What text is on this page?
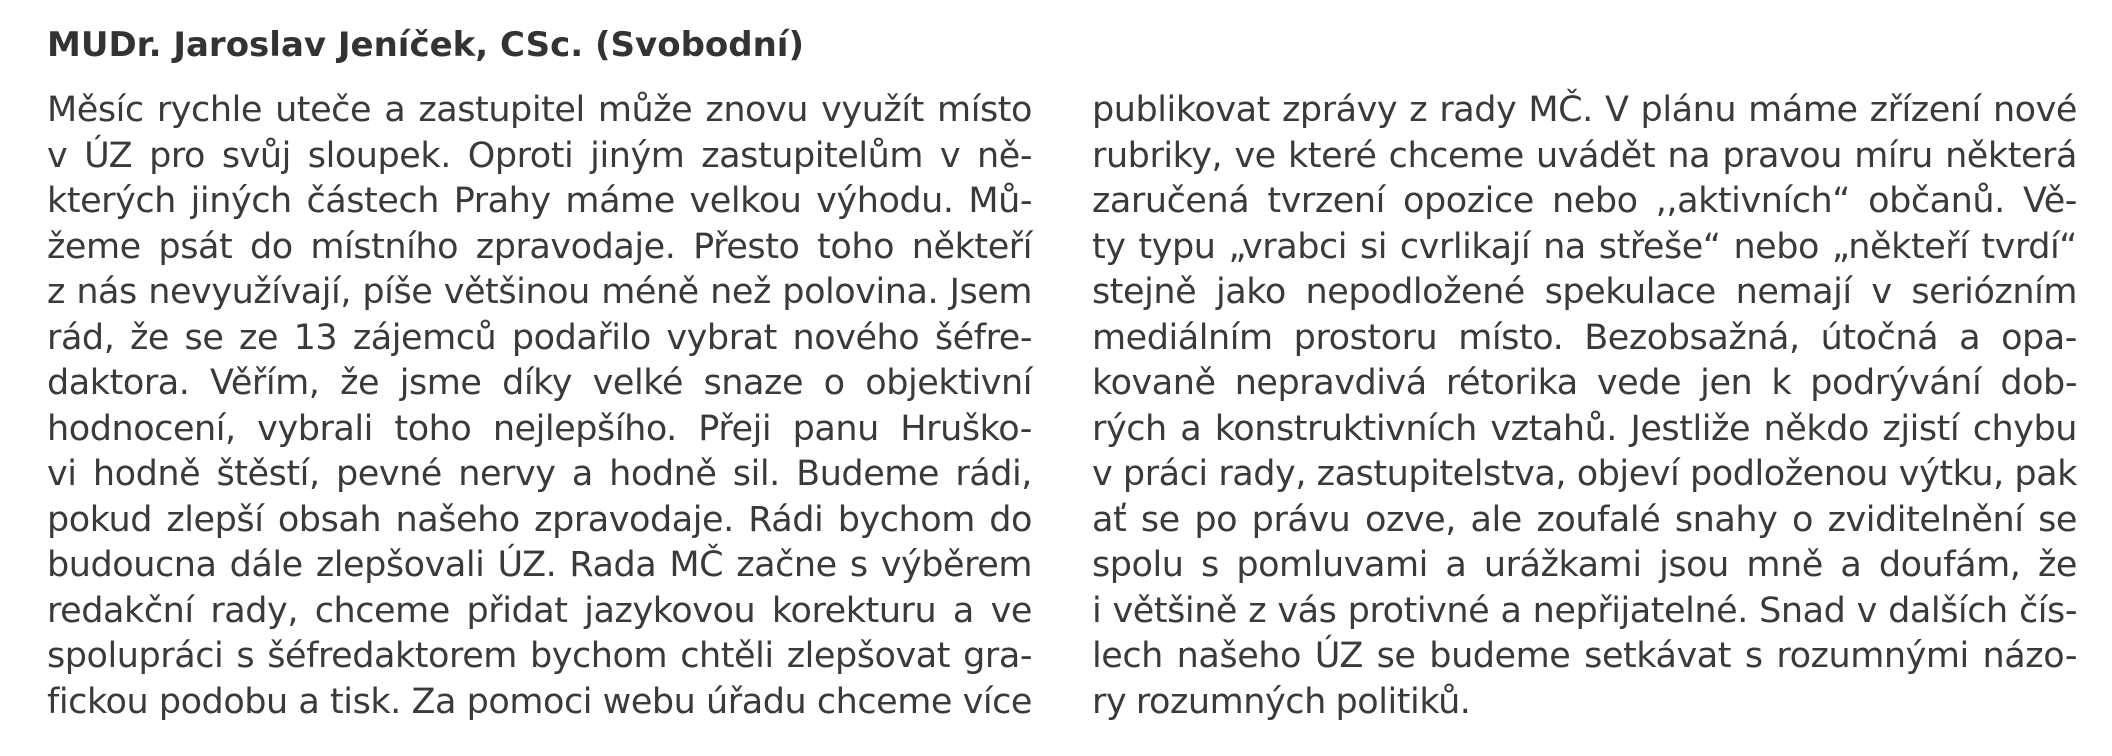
MUDr. Jaroslav Jeníček, CSc. (Svobodní)
Měsíc rychle uteče a zastupitel může znovu využít místo
v ÚZ pro svůj sloupek. Oproti jiným zastupitelům v ně-
kterých jiných částech Prahy máme velkou výhodu. Mů-
žeme psát do místního zpravodaje. Přesto toho někteří
z nás nevyužívají, píše většinou méně než polovina. Jsem
rád, že se ze 13 zájemců podařilo vybrat nového šéfre-
daktora. Věřím, že jsme díky velké snaze o objektivní
hodnocení, vybrali toho nejlepšího. Přeji panu Hruško-
vi hodně štěstí, pevné nervy a hodně sil. Budeme rádi,
pokud zlepší obsah našeho zpravodaje. Rádi bychom do
budoucna dále zlepšovali ÚZ. Rada MČ začne s výběrem
redakční rady, chceme přidat jazykovou korekturu a ve
spolupráci s šéfredaktorem bychom chtěli zlepšovat gra-
fickou podobu a tisk. Za pomoci webu úřadu chceme více
publikovat zprávy z rady MČ. V plánu máme zřízení nové
rubriky, ve které chceme uvádět na pravou míru některá
zaručená tvrzení opozice nebo ,,aktivních“ občanů. Vě-
ty typu „vrabci si cvrlikají na střeše“ nebo „někteří tvrdí“
stejně jako nepodložené spekulace nemají v seriózním
mediálním prostoru místo. Bezobsažná, útočná a opa-
kovaně nepravdivá rétorika vede jen k podrývání dob-
rých a konstruktivních vztahů. Jestliže někdo zjistí chybu
v práci rady, zastupitelstva, objeví podloženou výtku, pak
ať se po právu ozve, ale zoufalé snahy o zviditelnění se
spolu s pomluvami a urážkami jsou mně a doufám, že
i většině z vás protivné a nepřijatelné. Snad v dalších čís-
lech našeho ÚZ se budeme setkávat s rozumnými názo-
ry rozumných politiků.
